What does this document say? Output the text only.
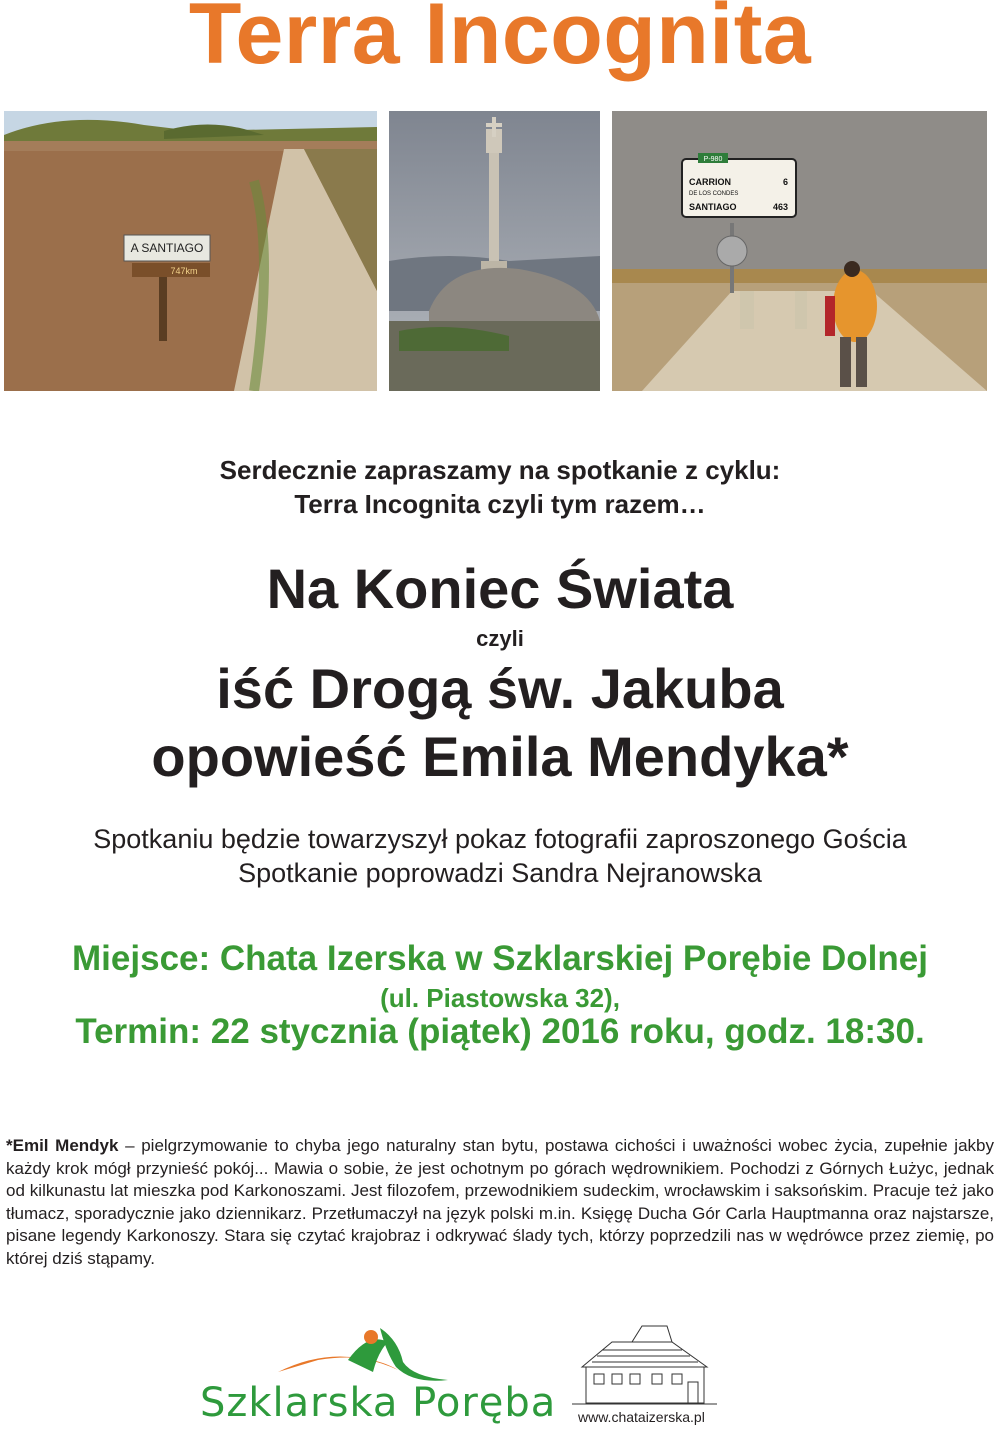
Terra Incognita
A SANTIAGO
747km
P-980
CARRION	6
DE LOS CONDES
SANTIAGO	463
Serdecznie zapraszamy na spotkanie z cyklu:
Terra Incognita czyli tym razem…
Na Koniec Świata
czyli
iść Drogą św. Jakuba
opowieść Emila Mendyka*
Spotkaniu będzie towarzyszył pokaz fotografii zaproszonego Gościa
Spotkanie poprowadzi Sandra Nejranowska
Miejsce: Chata Izerska w Szklarskiej Porębie Dolnej
(ul. Piastowska 32),
Termin: 22 stycznia (piątek) 2016 roku, godz. 18:30.
*Emil Mendyk – pielgrzymowanie to chyba jego naturalny stan bytu, postawa cichości i uważności wobec życia, zupełnie jakby każdy krok mógł przynieść pokój... Mawia o sobie, że jest ochotnym po górach wędrownikiem. Pochodzi z Górnych Łużyc, jednak od kilkunastu lat mieszka pod Karkonoszami. Jest filozofem, przewodnikiem sudeckim, wrocławskim i saksońskim. Pracuje też jako tłumacz, sporadycznie jako dziennikarz. Przetłumaczył na język polski m.in. Księgę Ducha Gór Carla Hauptmanna oraz najstarsze, pisane legendy Karkonoszy. Stara się czytać krajobraz i odkrywać ślady tych, którzy poprzedzili nas w wędrówce przez ziemię, po której dziś stąpamy.
Szklarska Poręba www.chataizerska.pl
